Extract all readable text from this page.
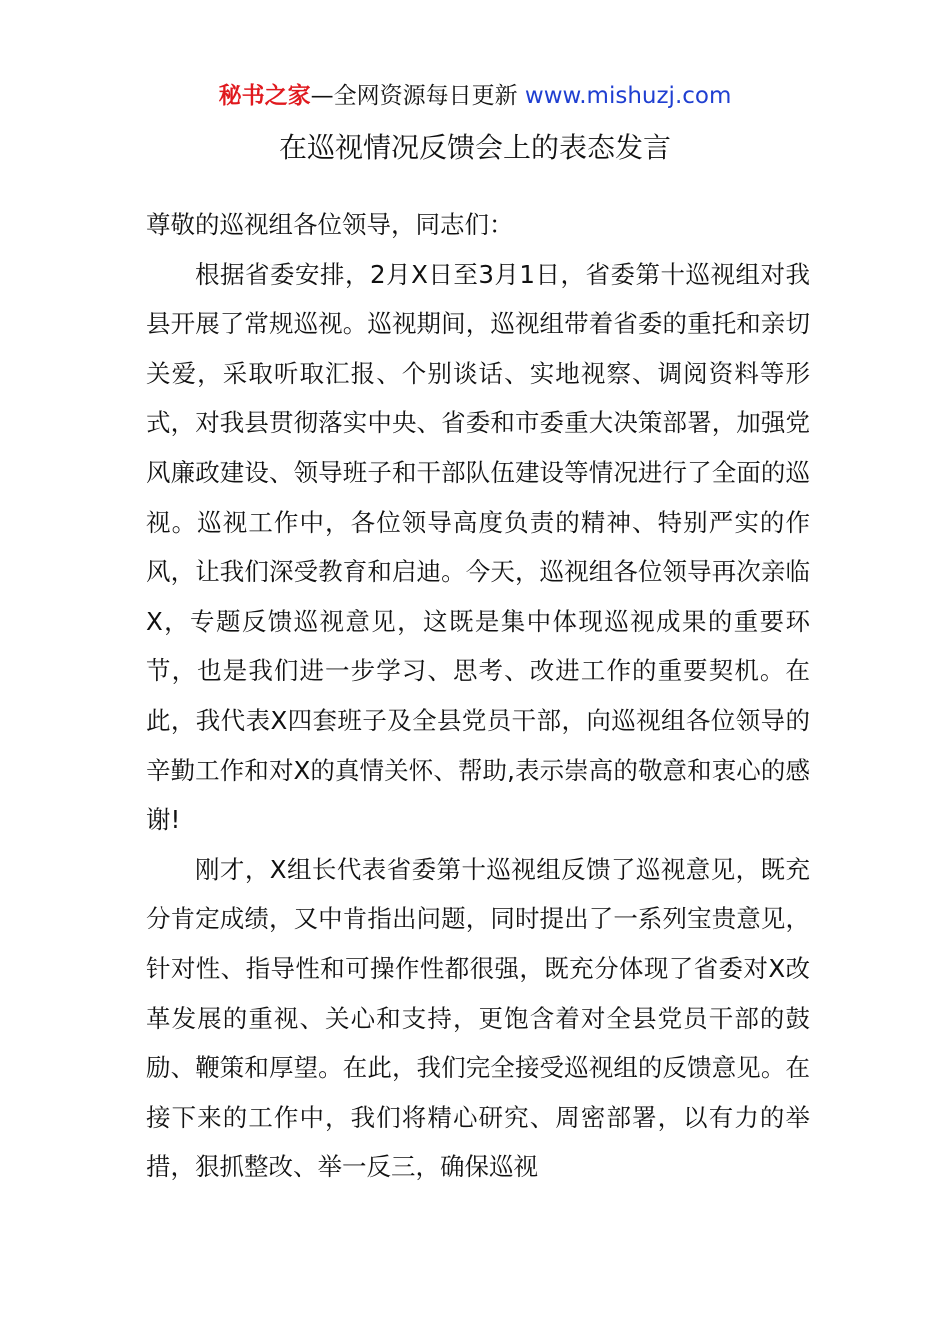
秘书之家—全网资源每日更新 www.mishuzj.com
在巡视情况反馈会上的表态发言

尊敬的巡视组各位领导，同志们：

根据省委安排，2月X日至3月1日，省委第十巡视组对我县开展了常规巡视。巡视期间，巡视组带着省委的重托和亲切关爱，采取听取汇报、个别谈话、实地视察、调阅资料等形式，对我县贯彻落实中央、省委和市委重大决策部署，加强党风廉政建设、领导班子和干部队伍建设等情况进行了全面的巡视。巡视工作中，各位领导高度负责的精神、特别严实的作风，让我们深受教育和启迪。今天，巡视组各位领导再次亲临X，专题反馈巡视意见，这既是集中体现巡视成果的重要环节，也是我们进一步学习、思考、改进工作的重要契机。在此，我代表X四套班子及全县党员干部，向巡视组各位领导的辛勤工作和对X的真情关怀、帮助,表示崇高的敬意和衷心的感谢!

刚才，X组长代表省委第十巡视组反馈了巡视意见，既充分肯定成绩，又中肯指出问题，同时提出了一系列宝贵意见，针对性、指导性和可操作性都很强，既充分体现了省委对X改革发展的重视、关心和支持，更饱含着对全县党员干部的鼓励、鞭策和厚望。在此，我们完全接受巡视组的反馈意见。在接下来的工作中，我们将精心研究、周密部署，以有力的举措，狠抓整改、举一反三，确保巡视
